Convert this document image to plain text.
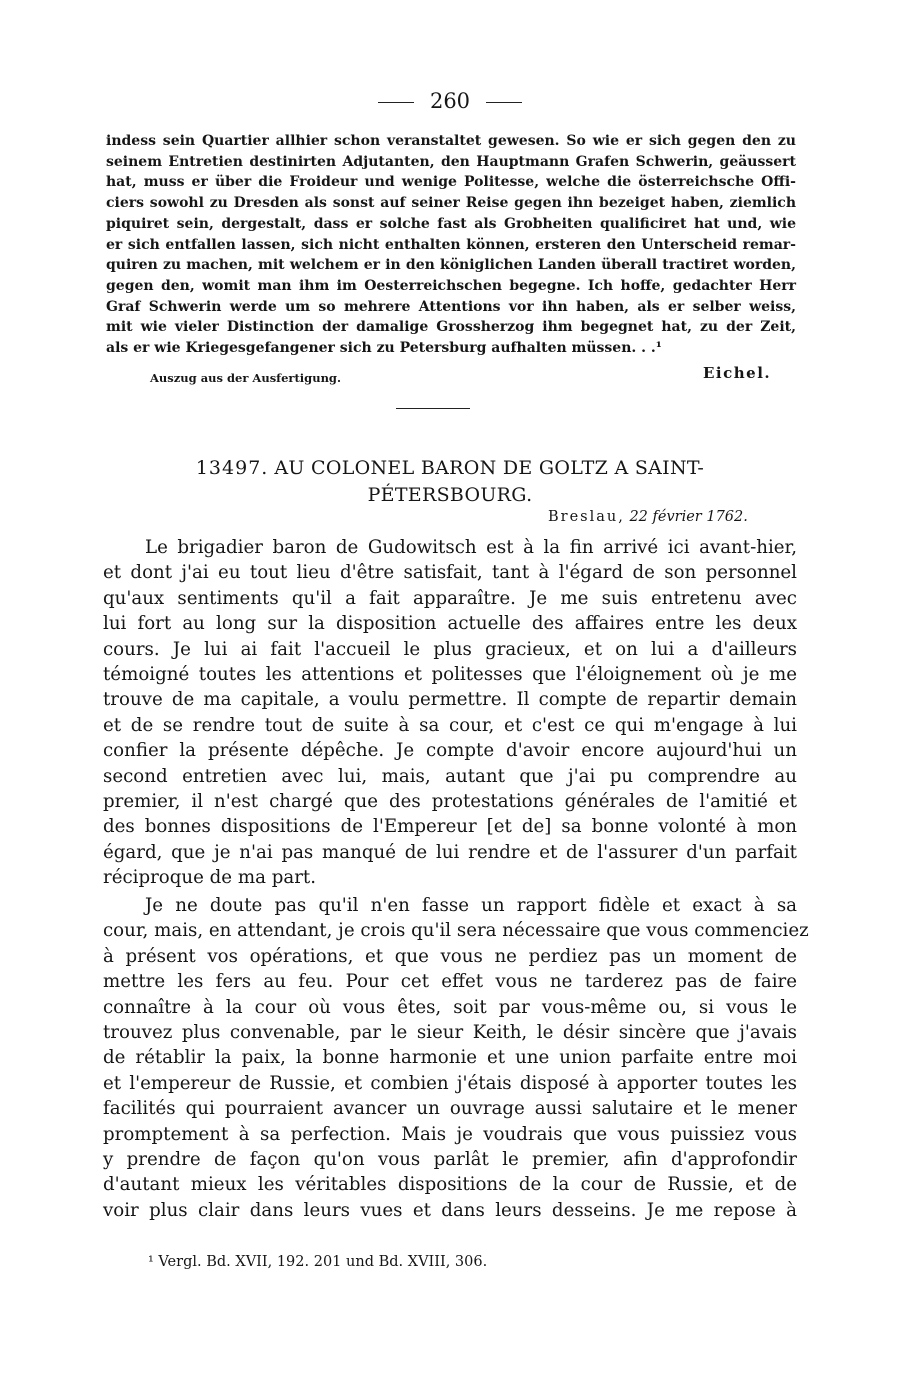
260
indess sein Quartier allhier schon veranstaltet gewesen. So wie er sich gegen den zu
seinem Entretien destinirten Adjutanten, den Hauptmann Grafen Schwerin, geäussert
hat, muss er über die Froideur und wenige Politesse, welche die österreichsche Offi-
ciers sowohl zu Dresden als sonst auf seiner Reise gegen ihn bezeiget haben, ziemlich
piquiret sein, dergestalt, dass er solche fast als Grobheiten qualificiret hat und, wie
er sich entfallen lassen, sich nicht enthalten können, ersteren den Unterscheid remar-
quiren zu machen, mit welchem er in den königlichen Landen überall tractiret worden,
gegen den, womit man ihm im Oesterreichschen begegne. Ich hoffe, gedachter Herr
Graf Schwerin werde um so mehrere Attentions vor ihn haben, als er selber weiss,
mit wie vieler Distinction der damalige Grossherzog ihm begegnet hat, zu der Zeit,
als er wie Kriegesgefangener sich zu Petersburg aufhalten müssen. . .¹
Auszug aus der Ausfertigung.	Eichel.
13497. AU COLONEL BARON DE GOLTZ A SAINT-
PÉTERSBOURG.
Breslau, 22 février 1762.
Le brigadier baron de Gudowitsch est à la fin arrivé ici avant-hier,
et dont j'ai eu tout lieu d'être satisfait, tant à l'égard de son personnel
qu'aux sentiments qu'il a fait apparaître. Je me suis entretenu avec
lui fort au long sur la disposition actuelle des affaires entre les deux
cours. Je lui ai fait l'accueil le plus gracieux, et on lui a d'ailleurs
témoigné toutes les attentions et politesses que l'éloignement où je me
trouve de ma capitale, a voulu permettre. Il compte de repartir demain
et de se rendre tout de suite à sa cour, et c'est ce qui m'engage à lui
confier la présente dépêche. Je compte d'avoir encore aujourd'hui un
second entretien avec lui, mais, autant que j'ai pu comprendre au
premier, il n'est chargé que des protestations générales de l'amitié et
des bonnes dispositions de l'Empereur [et de] sa bonne volonté à mon
égard, que je n'ai pas manqué de lui rendre et de l'assurer d'un parfait
réciproque de ma part.
Je ne doute pas qu'il n'en fasse un rapport fidèle et exact à sa
cour, mais, en attendant, je crois qu'il sera nécessaire que vous commenciez
à présent vos opérations, et que vous ne perdiez pas un moment de
mettre les fers au feu. Pour cet effet vous ne tarderez pas de faire
connaître à la cour où vous êtes, soit par vous-même ou, si vous le
trouvez plus convenable, par le sieur Keith, le désir sincère que j'avais
de rétablir la paix, la bonne harmonie et une union parfaite entre moi
et l'empereur de Russie, et combien j'étais disposé à apporter toutes les
facilités qui pourraient avancer un ouvrage aussi salutaire et le mener
promptement à sa perfection. Mais je voudrais que vous puissiez vous
y prendre de façon qu'on vous parlât le premier, afin d'approfondir
d'autant mieux les véritables dispositions de la cour de Russie, et de
voir plus clair dans leurs vues et dans leurs desseins. Je me repose à
¹ Vergl. Bd. XVII, 192. 201 und Bd. XVIII, 306.
